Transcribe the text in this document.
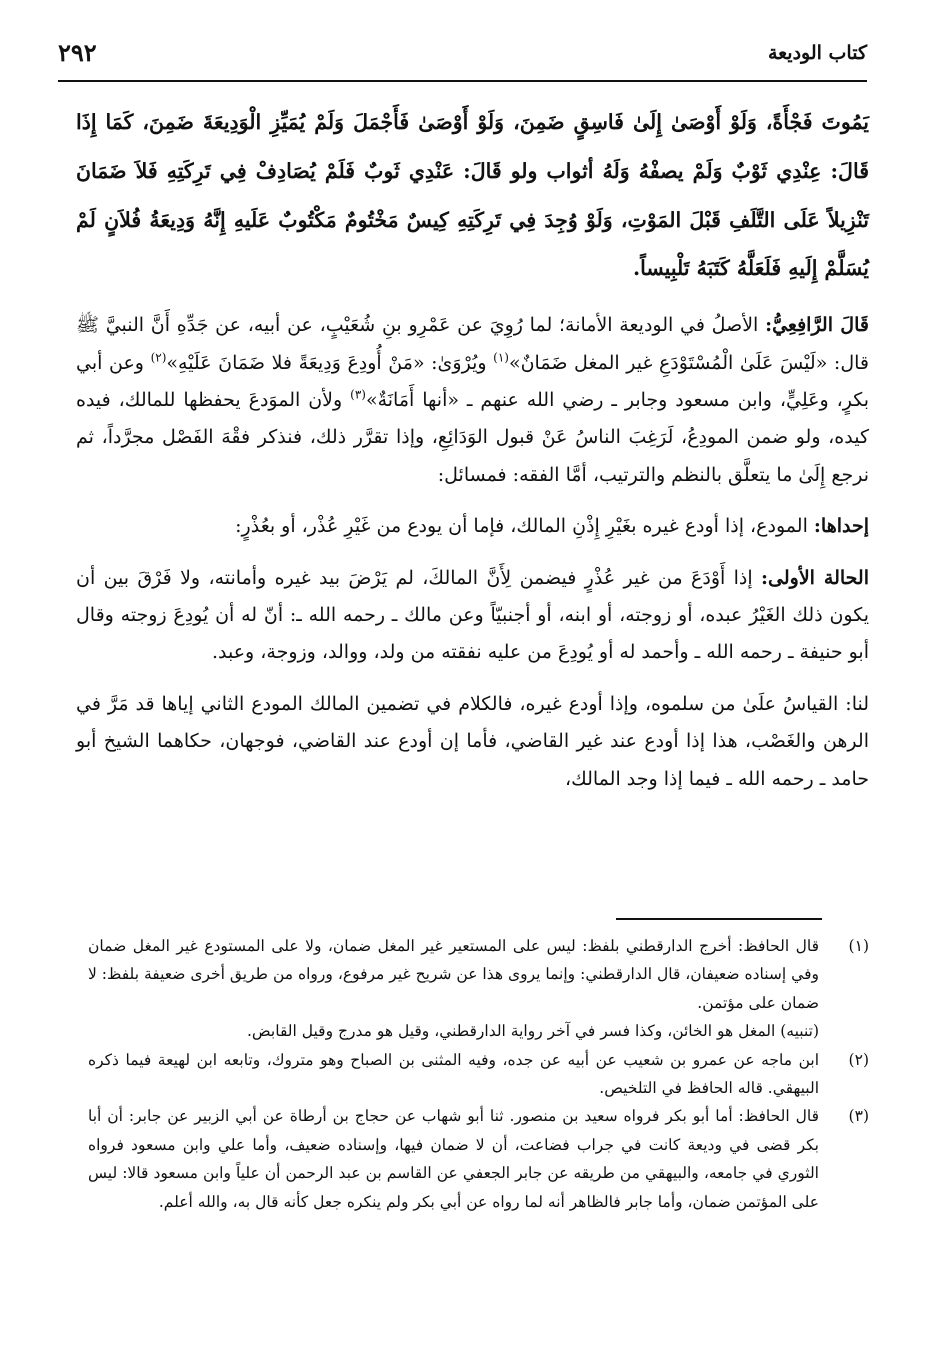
كتاب الوديعة
٢٩٢

يَمُوتَ فَجْأَةً، وَلَوْ أَوْصَىٰ إِلَىٰ فَاسِقٍ ضَمِنَ، وَلَوْ أَوْصَىٰ فَأَجْمَلَ وَلَمْ يُمَيِّزِ الْوَدِيعَةَ ضَمِنَ، كَمَا إِذَا قَالَ: عِنْدِي ثَوْبٌ وَلَمْ يصفْهُ وَلَهُ أثواب ولو قَالَ: عَنْدِي ثَوبٌ فَلَمْ يُصَادِفْ فِي تَرِكَتِهِ فَلاَ ضَمَانَ تَنْزِيلاً عَلَى التَّلَفِ قَبْلَ المَوْتِ، وَلَوْ وُجِدَ فِي تَرِكَتِهِ كِيسٌ مَخْتُومٌ مَكْتُوبٌ عَلَيهِ إِنَّهُ وَدِيعَةُ فُلاَنٍ لَمْ يُسَلَّمْ إِلَيهِ فَلَعَلَّهُ كَتَبَهُ تَلْبِيساً.

قَالَ الرَّافِعِيُّ: الأصلُ في الوديعة الأمانة؛ لما رُوِيَ عن عَمْرِو بنِ شُعَيْبٍ، عن أبيه، عن جَدِّهِ أَنَّ النبيَّ ﷺ قال: «لَيْسَ عَلَىٰ الْمُسْتَوْدَعِ غير المغل ضَمَانٌ»$^{(١)}$ ويُرْوَىٰ: «مَنْ أُودِعَ وَدِيعَةً فلا ضَمَانَ عَلَيْهِ»$^{(٢)}$ وعن أبي بكرٍ، وعَلِيٍّ، وابن مسعود وجابر ـ رضي الله عنهم ـ «أنها أَمَانَةٌ»$^{(٣)}$ ولأن الموَدعَ يحفظها للمالك، فيده كيده، ولو ضمن المودِعُ، لَرَغِبَ الناسُ عَنْ قبول الوَدَائِعِ، وإذا تقرَّر ذلك، فنذكر فقْهَ الفَصْل مجرَّداً، ثم نرجع إِلَىٰ ما يتعلَّق بالنظم والترتيب، أمَّا الفقه: فمسائل:

إحداها: المودع، إذا أودع غيره بغَيْرِ إِذْنِ المالك، فإما أن يودع من غَيْرِ عُذْر، أو بعُذْرٍ:

الحالة الأولى: إذا أَوْدَعَ من غير عُذْرٍ فيضمن لِأَنَّ المالكَ، لم يَرْضَ بيد غيره وأمانته، ولا فَرْقَ بين أن يكون ذلك الغَيْرُ عبده، أو زوجته، أو ابنه، أو أجنبيّاً وعن مالك ـ رحمه الله ـ: أنّ له أن يُودِعَ زوجته وقال أبو حنيفة ـ رحمه الله ـ وأحمد له أو يُودِعَ من عليه نفقته من ولد، ووالد، وزوجة، وعبد.

لنا: القياسُ علَىٰ من سلموه، وإذا أودع غيره، فالكلام في تضمين المالك المودع الثاني إياها قد مَرَّ في الرهن والغَصْب، هذا إذا أودع عند غير القاضي، فأما إن أودع عند القاضي، فوجهان، حكاهما الشيخ أبو حامد ـ رحمه الله ـ فيما إذا وجد المالك،

(١)
قال الحافظ: أخرج الدارقطني بلفظ: ليس على المستعير غير المغل ضمان، ولا على المستودع غير المغل ضمان وفي إسناده ضعيفان، قال الدارقطني: وإنما يروى هذا عن شريح غير مرفوع، ورواه من طريق أخرى ضعيفة بلفظ: لا ضمان على مؤتمن.
(تنبيه) المغل هو الخائن، وكذا فسر في آخر رواية الدارقطني، وقيل هو مدرج وقيل القابض.
(٢)
ابن ماجه عن عمرو بن شعيب عن أبيه عن جده، وفيه المثنى بن الصباح وهو متروك، وتابعه ابن لهيعة فيما ذكره البيهقي. قاله الحافظ في التلخيص.
(٣)
قال الحافظ: أما أبو بكر فرواه سعيد بن منصور. ثنا أبو شهاب عن حجاج بن أرطاة عن أبي الزبير عن جابر: أن أبا بكر قضى في وديعة كانت في جراب فضاعت، أن لا ضمان فيها، وإسناده ضعيف، وأما علي وابن مسعود فرواه الثوري في جامعه، والبيهقي من طريقه عن جابر الجعفي عن القاسم بن عبد الرحمن أن علياً وابن مسعود قالا: ليس على المؤتمن ضمان، وأما جابر فالظاهر أنه لما رواه عن أبي بكر ولم ينكره جعل كأنه قال به، والله أعلم.
